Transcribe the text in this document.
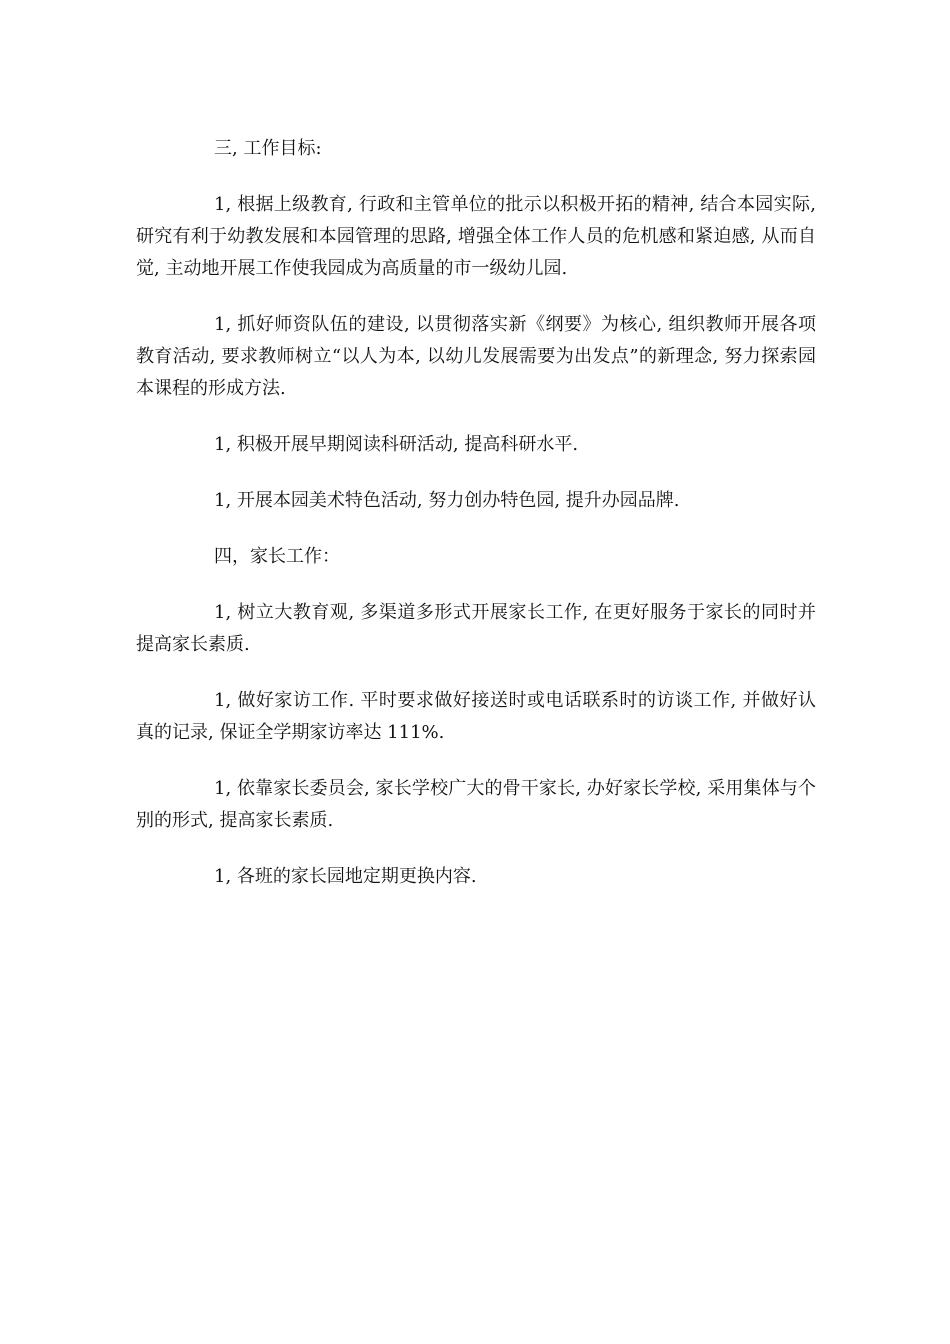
三, 工作目标:

1, 根据上级教育, 行政和主管单位的批示以积极开拓的精神, 结合本园实际, 研究有利于幼教发展和本园管理的思路, 增强全体工作人员的危机感和紧迫感, 从而自觉, 主动地开展工作使我园成为高质量的市一级幼儿园.

1, 抓好师资队伍的建设, 以贯彻落实新《纲要》为核心, 组织教师开展各项教育活动, 要求教师树立“以人为本, 以幼儿发展需要为出发点”的新理念, 努力探索园本课程的形成方法.

1, 积极开展早期阅读科研活动, 提高科研水平.

1, 开展本园美术特色活动, 努力创办特色园, 提升办园品牌.

四，家长工作：

1, 树立大教育观, 多渠道多形式开展家长工作, 在更好服务于家长的同时并提高家长素质.

1, 做好家访工作. 平时要求做好接送时或电话联系时的访谈工作, 并做好认真的记录, 保证全学期家访率达 111%.

1, 依靠家长委员会, 家长学校广大的骨干家长, 办好家长学校, 采用集体与个别的形式, 提高家长素质.

1, 各班的家长园地定期更换内容.
